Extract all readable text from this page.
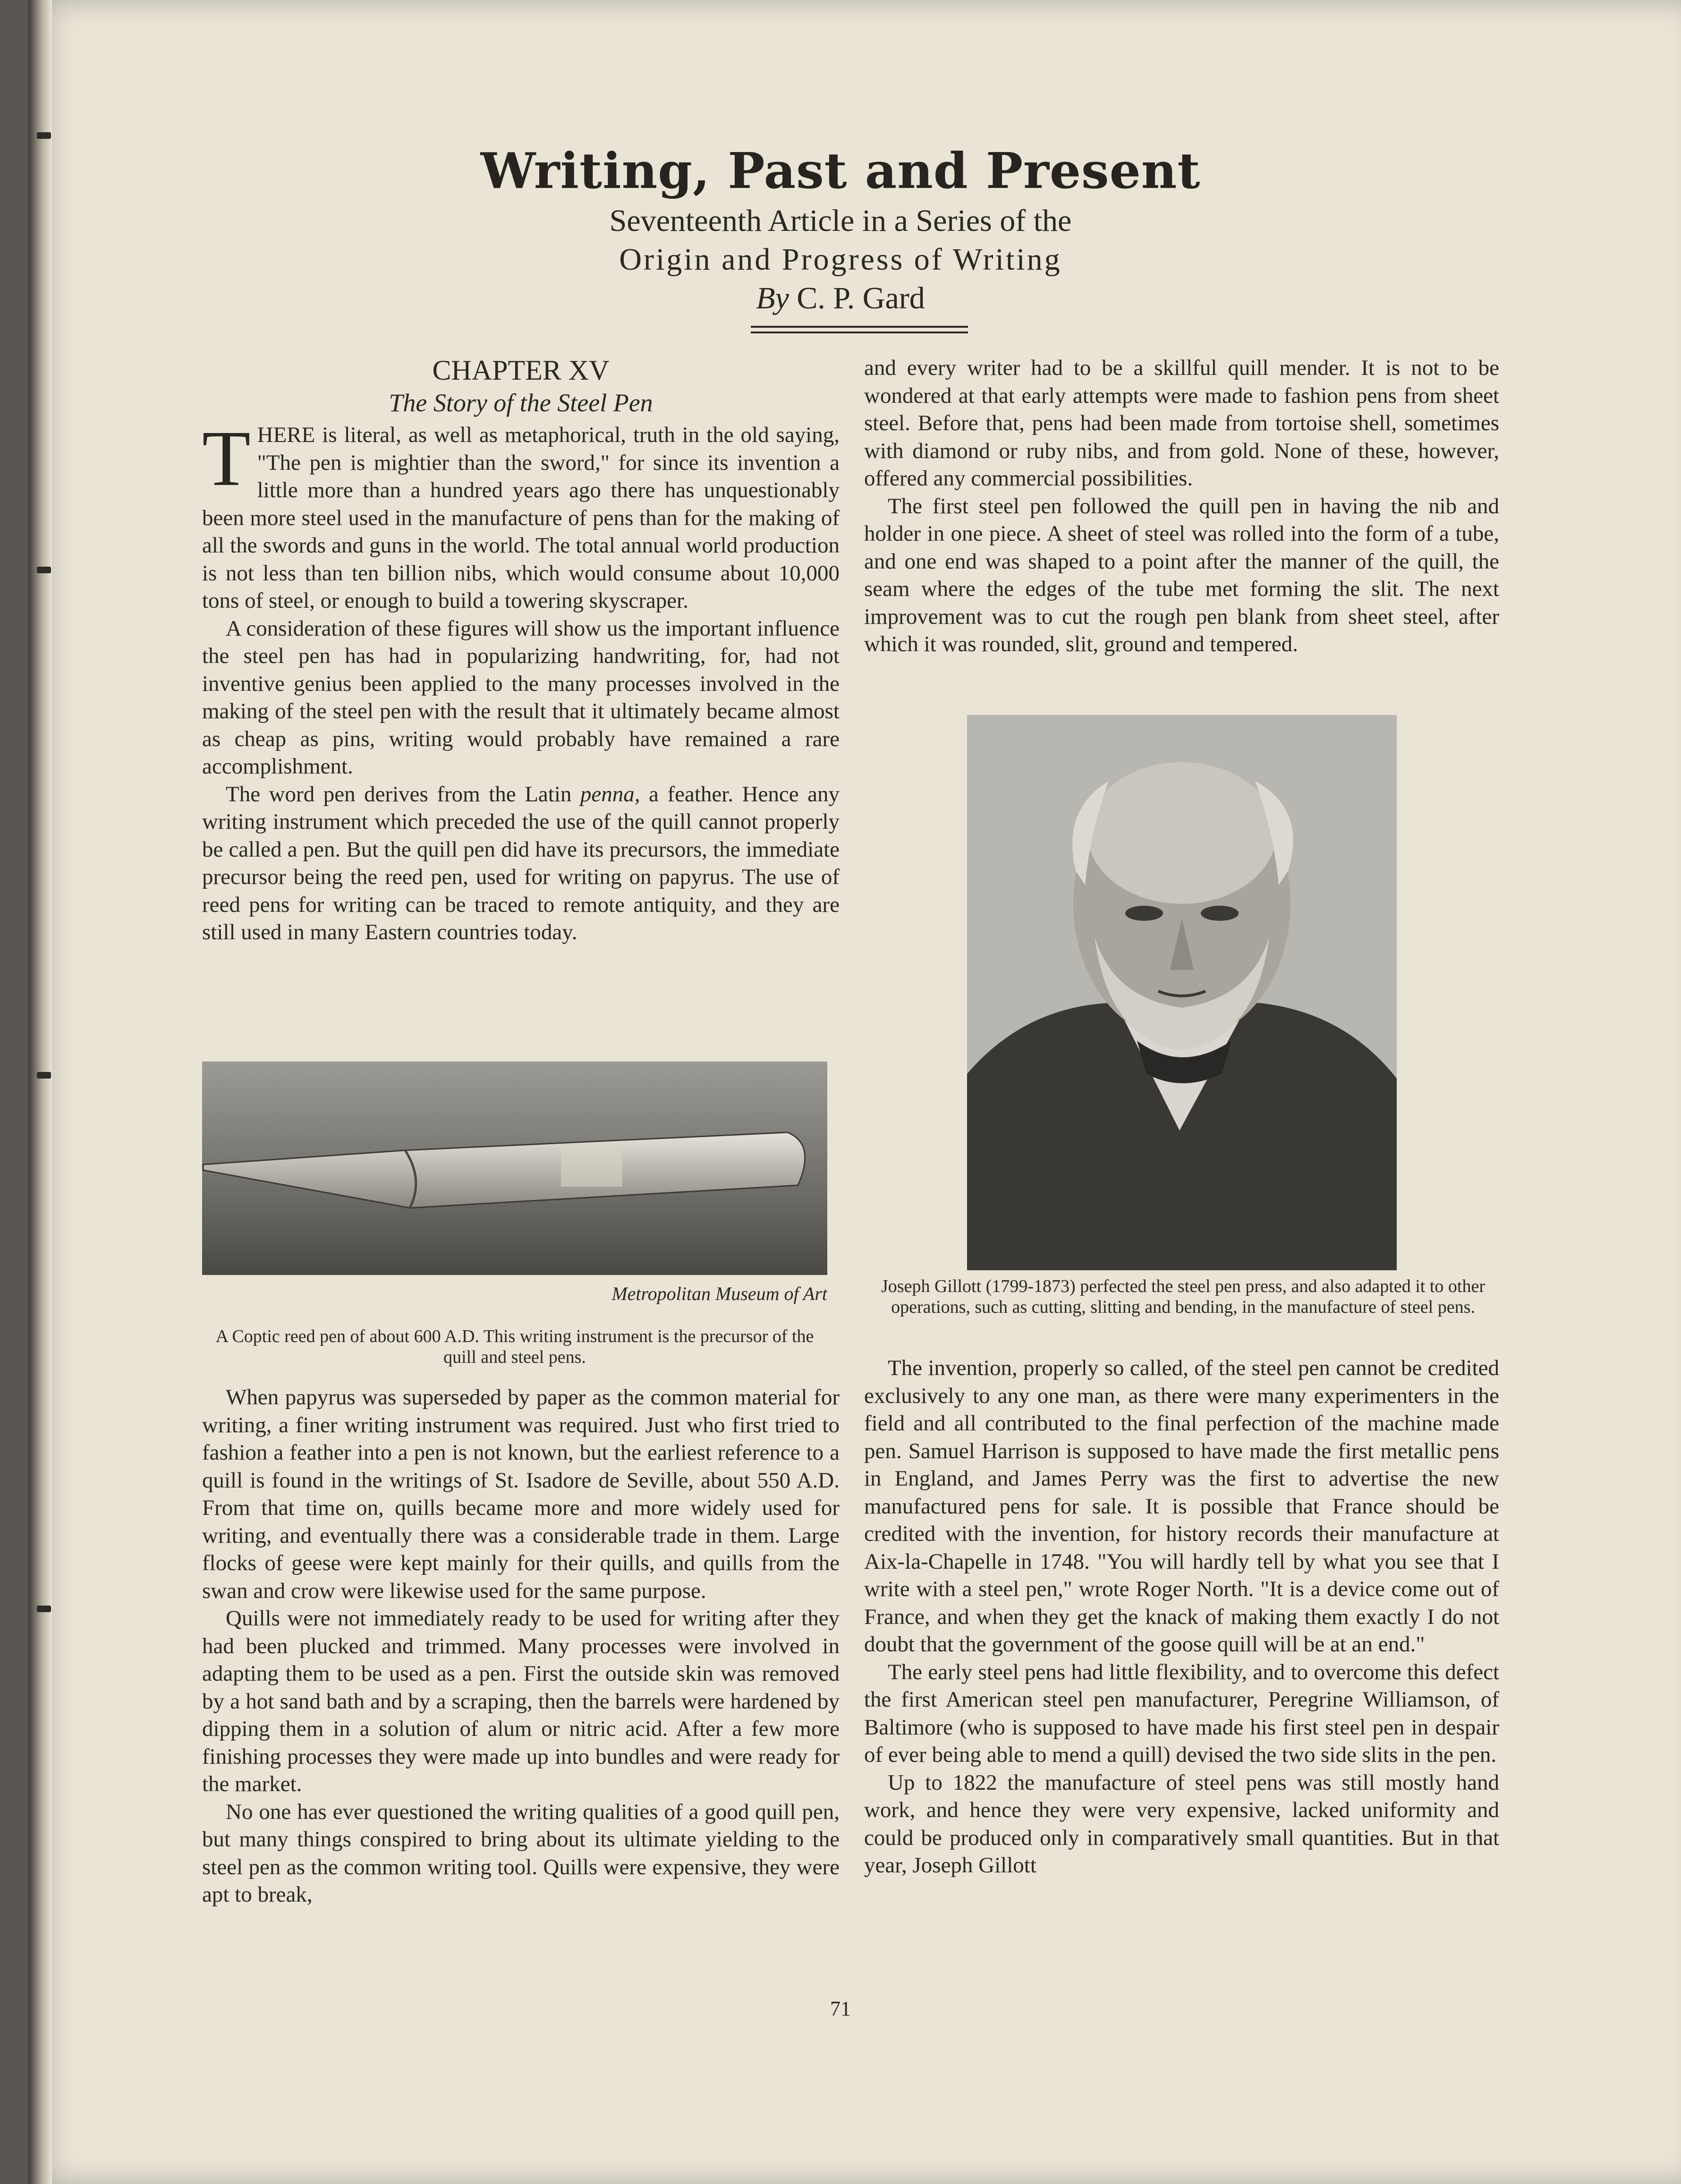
Writing, Past and Present
Seventeenth Article in a Series of the
Origin and Progress of Writing
By C. P. Gard
CHAPTER XV
The Story of the Steel Pen

THERE is literal, as well as metaphorical, truth in the old saying, "The pen is mightier than the sword," for since its invention a little more than a hundred years ago there has unquestionably been more steel used in the manufacture of pens than for the making of all the swords and guns in the world. The total annual world production is not less than ten billion nibs, which would consume about 10,000 tons of steel, or enough to build a towering skyscraper.

A consideration of these figures will show us the important influence the steel pen has had in popularizing handwriting, for, had not inventive genius been applied to the many processes involved in the making of the steel pen with the result that it ultimately became almost as cheap as pins, writing would probably have remained a rare accomplishment.

The word pen derives from the Latin penna, a feather. Hence any writing instrument which preceded the use of the quill cannot properly be called a pen. But the quill pen did have its precursors, the immediate precursor being the reed pen, used for writing on papyrus. The use of reed pens for writing can be traced to remote antiquity, and they are still used in many Eastern countries today.

Metropolitan Museum of Art
A Coptic reed pen of about 600 A.D. This writing instrument is the precursor of the quill and steel pens.

When papyrus was superseded by paper as the common material for writing, a finer writing instrument was required. Just who first tried to fashion a feather into a pen is not known, but the earliest reference to a quill is found in the writings of St. Isadore de Seville, about 550 A.D. From that time on, quills became more and more widely used for writing, and eventually there was a considerable trade in them. Large flocks of geese were kept mainly for their quills, and quills from the swan and crow were likewise used for the same purpose.

Quills were not immediately ready to be used for writing after they had been plucked and trimmed. Many processes were involved in adapting them to be used as a pen. First the outside skin was removed by a hot sand bath and by a scraping, then the barrels were hardened by dipping them in a solution of alum or nitric acid. After a few more finishing processes they were made up into bundles and were ready for the market.

No one has ever questioned the writing qualities of a good quill pen, but many things conspired to bring about its ultimate yielding to the steel pen as the common writing tool. Quills were expensive, they were apt to break,

and every writer had to be a skillful quill mender. It is not to be wondered at that early attempts were made to fashion pens from sheet steel. Before that, pens had been made from tortoise shell, sometimes with diamond or ruby nibs, and from gold. None of these, however, offered any commercial possibilities.

The first steel pen followed the quill pen in having the nib and holder in one piece. A sheet of steel was rolled into the form of a tube, and one end was shaped to a point after the manner of the quill, the seam where the edges of the tube met forming the slit. The next improvement was to cut the rough pen blank from sheet steel, after which it was rounded, slit, ground and tempered.

Joseph Gillott (1799-1873) perfected the steel pen press, and also adapted it to other operations, such as cutting, slitting and bending, in the manufacture of steel pens.

The invention, properly so called, of the steel pen cannot be credited exclusively to any one man, as there were many experimenters in the field and all contributed to the final perfection of the machine made pen. Samuel Harrison is supposed to have made the first metallic pens in England, and James Perry was the first to advertise the new manufactured pens for sale. It is possible that France should be credited with the invention, for history records their manufacture at Aix-la-Chapelle in 1748. "You will hardly tell by what you see that I write with a steel pen," wrote Roger North. "It is a device come out of France, and when they get the knack of making them exactly I do not doubt that the government of the goose quill will be at an end."

The early steel pens had little flexibility, and to overcome this defect the first American steel pen manufacturer, Peregrine Williamson, of Baltimore (who is supposed to have made his first steel pen in despair of ever being able to mend a quill) devised the two side slits in the pen.

Up to 1822 the manufacture of steel pens was still mostly hand work, and hence they were very expensive, lacked uniformity and could be produced only in comparatively small quantities. But in that year, Joseph Gillott

71
